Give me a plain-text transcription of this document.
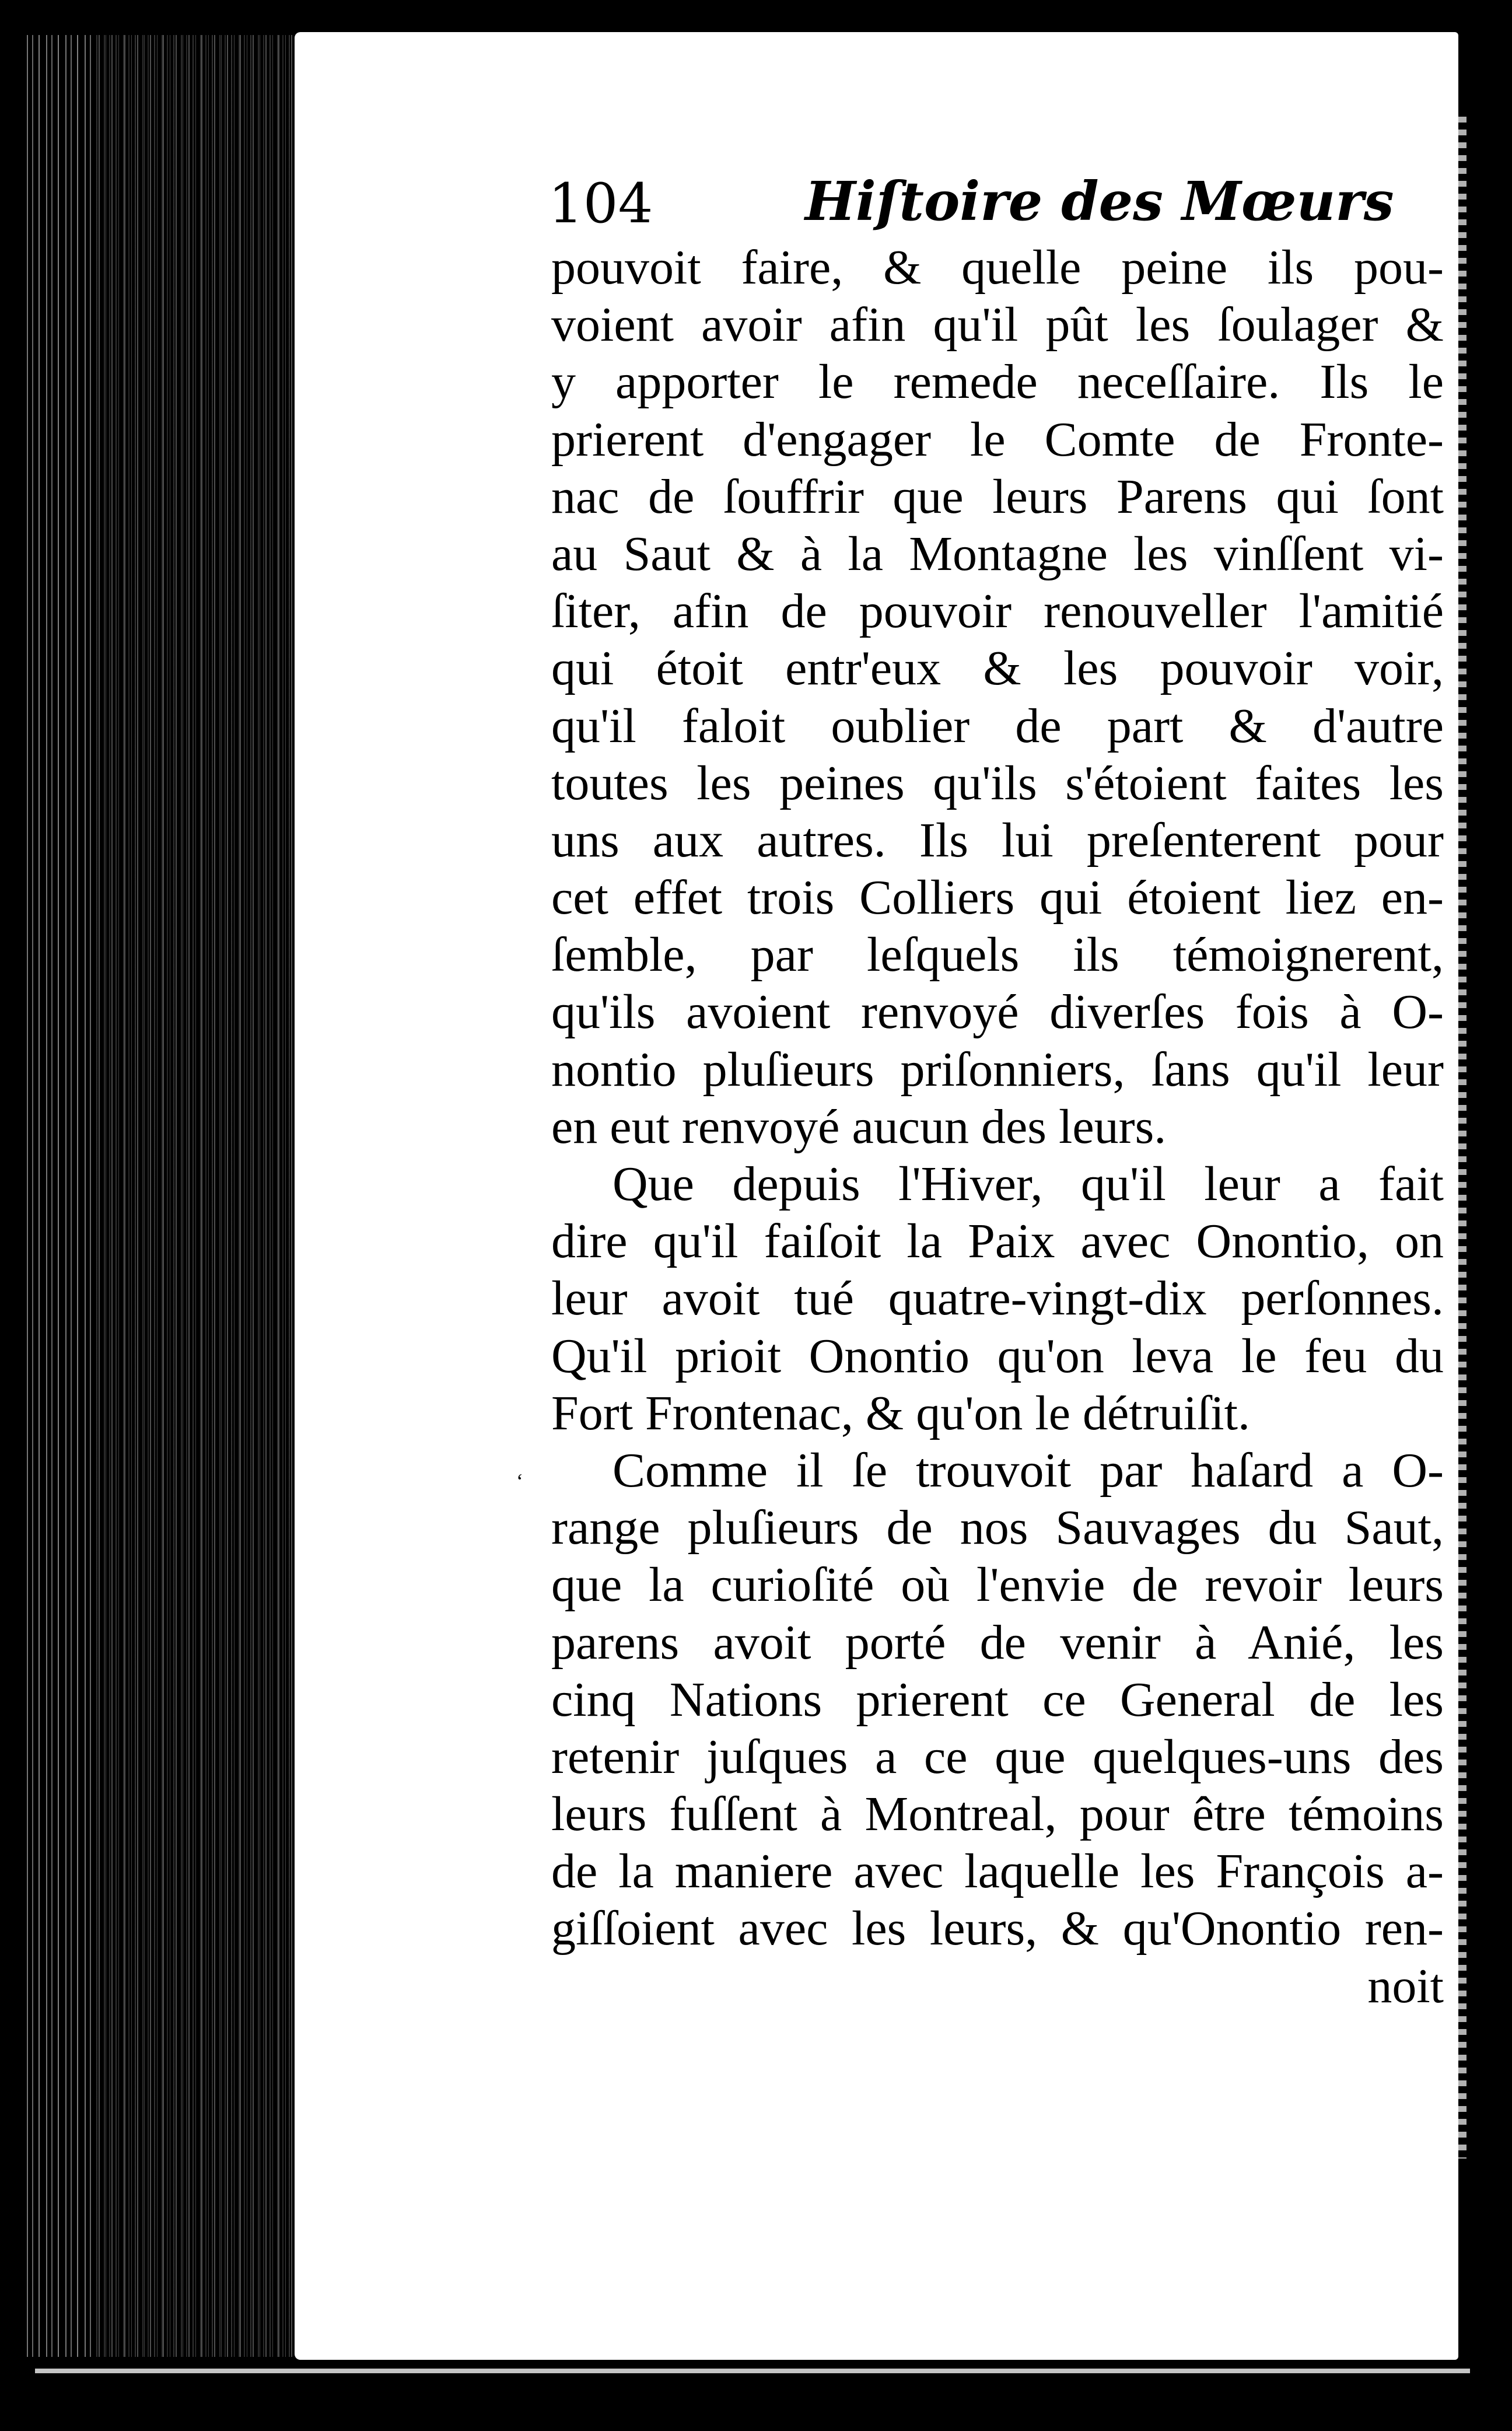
104	Hiſtoire des Mœurs
pouvoit faire, & quelle peine ils pou-
voient avoir afin qu'il pût les ſoulager &
y apporter le remede neceſſaire. Ils le
prierent d'engager le Comte de Fronte-
nac de ſouffrir que leurs Parens qui ſont
au Saut & à la Montagne les vinſſent vi-
ſiter, afin de pouvoir renouveller l'amitié
qui étoit entr'eux & les pouvoir voir,
qu'il faloit oublier de part & d'autre
toutes les peines qu'ils s'étoient faites les
uns aux autres. Ils lui preſenterent pour
cet effet trois Colliers qui étoient liez en-
ſemble, par leſquels ils témoignerent,
qu'ils avoient renvoyé diverſes fois à O-
nontio pluſieurs priſonniers, ſans qu'il leur
en eut renvoyé aucun des leurs.
Que depuis l'Hiver, qu'il leur a fait
dire qu'il faiſoit la Paix avec Onontio, on
leur avoit tué quatre-vingt-dix perſonnes.
Qu'il prioit Onontio qu'on leva le feu du
Fort Frontenac, & qu'on le détruiſit.
Comme il ſe trouvoit par haſard a O-
range pluſieurs de nos Sauvages du Saut,
que la curioſité où l'envie de revoir leurs
parens avoit porté de venir à Anié, les
cinq Nations prierent ce General de les
retenir juſques a ce que quelques-uns des
leurs fuſſent à Montreal, pour être témoins
de la maniere avec laquelle les François a-
giſſoient avec les leurs, & qu'Onontio ren-
noit
‘
